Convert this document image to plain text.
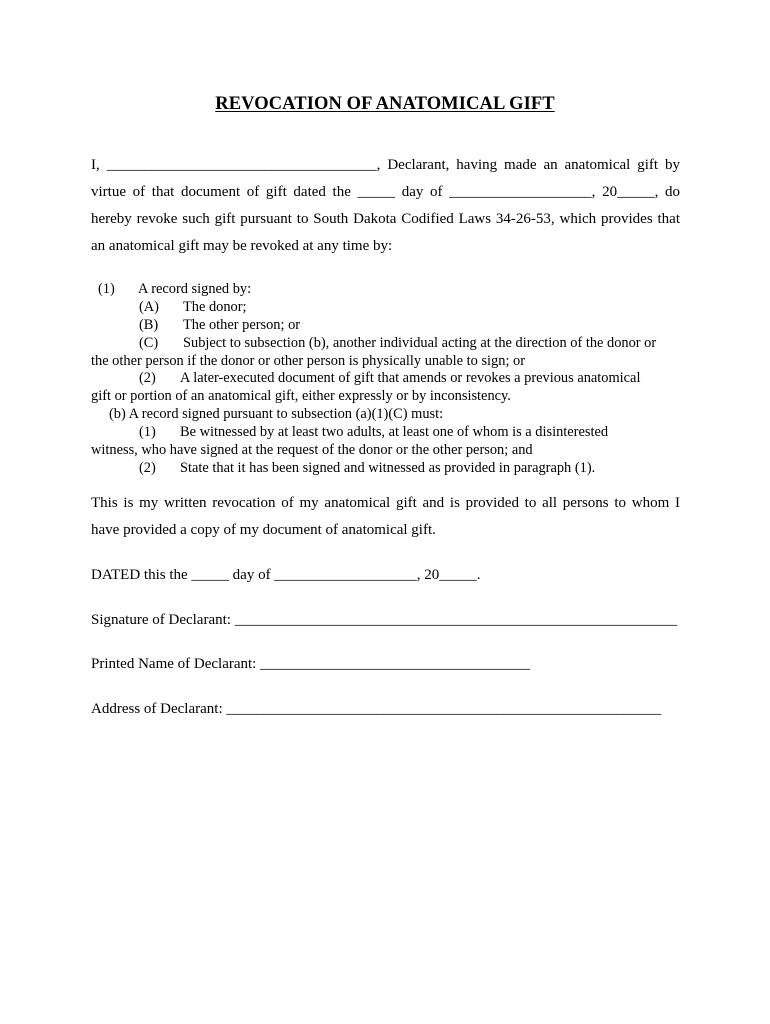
REVOCATION OF ANATOMICAL GIFT
I, ____________________________________, Declarant, having made an anatomical gift by
virtue of that document of gift dated the _____ day of ___________________, 20_____, do
hereby revoke such gift pursuant to South Dakota Codified Laws 34-26-53, which provides that
an anatomical gift may be revoked at any time by:
(1) A record signed by:
(A) The donor;
(B) The other person; or
(C) Subject to subsection (b), another individual acting at the direction of the donor or
the other person if the donor or other person is physically unable to sign; or
(2) A later-executed document of gift that amends or revokes a previous anatomical
gift or portion of an anatomical gift, either expressly or by inconsistency.
(b) A record signed pursuant to subsection (a)(1)(C) must:
(1) Be witnessed by at least two adults, at least one of whom is a disinterested
witness, who have signed at the request of the donor or the other person; and
(2) State that it has been signed and witnessed as provided in paragraph (1).
This is my written revocation of my anatomical gift and is provided to all persons to whom I
have provided a copy of my document of anatomical gift.
DATED this the _____ day of ___________________, 20_____.
Signature of Declarant: ___________________________________________________________
Printed Name of Declarant: ____________________________________
Address of Declarant: __________________________________________________________
